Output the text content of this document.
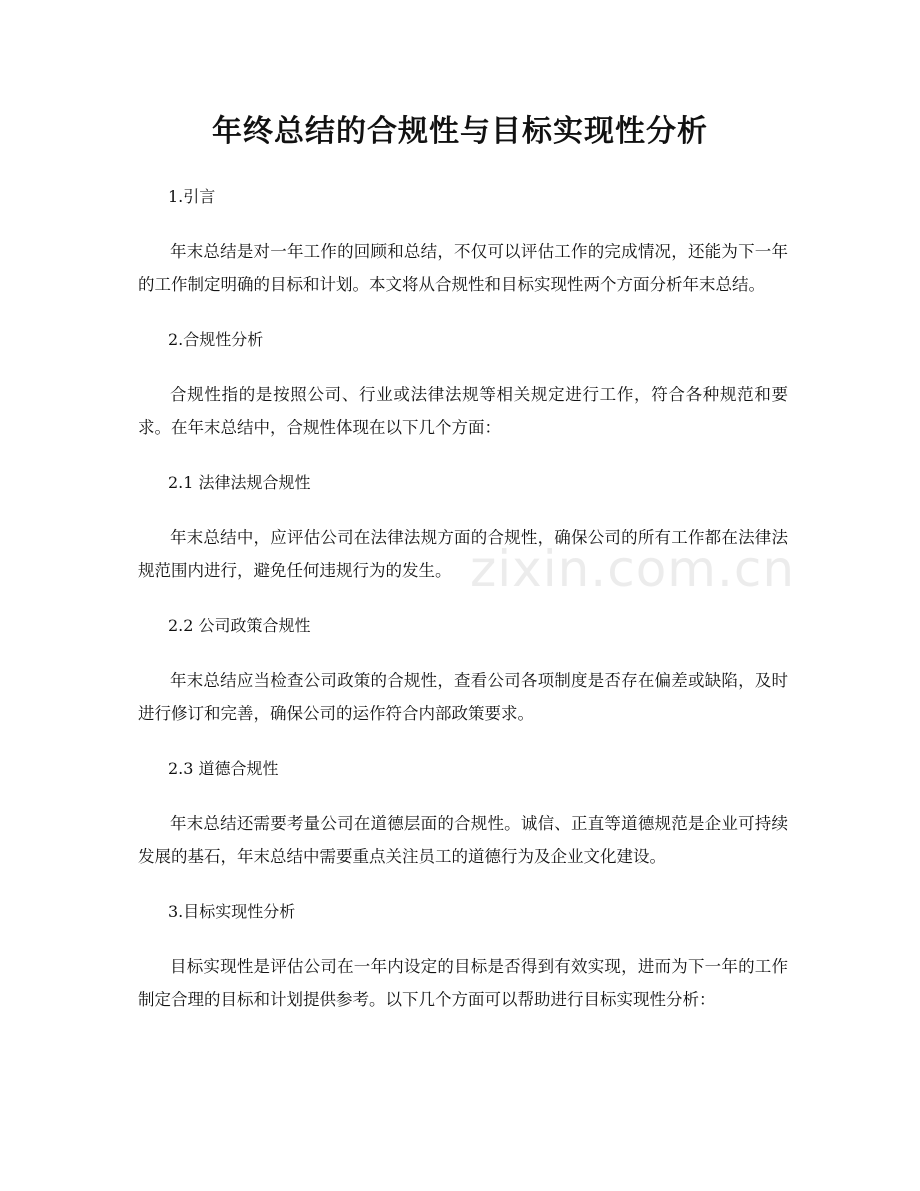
年终总结的合规性与目标实现性分析
zixin.com.cn

1.引言

年末总结是对一年工作的回顾和总结，不仅可以评估工作的完成情况，还能为下一年的工作制定明确的目标和计划。本文将从合规性和目标实现性两个方面分析年末总结。

2.合规性分析

合规性指的是按照公司、行业或法律法规等相关规定进行工作，符合各种规范和要求。在年末总结中，合规性体现在以下几个方面：

2.1 法律法规合规性

年末总结中，应评估公司在法律法规方面的合规性，确保公司的所有工作都在法律法规范围内进行，避免任何违规行为的发生。

2.2 公司政策合规性

年末总结应当检查公司政策的合规性，查看公司各项制度是否存在偏差或缺陷，及时进行修订和完善，确保公司的运作符合内部政策要求。

2.3 道德合规性

年末总结还需要考量公司在道德层面的合规性。诚信、正直等道德规范是企业可持续发展的基石，年末总结中需要重点关注员工的道德行为及企业文化建设。

3.目标实现性分析

目标实现性是评估公司在一年内设定的目标是否得到有效实现，进而为下一年的工作制定合理的目标和计划提供参考。以下几个方面可以帮助进行目标实现性分析：
